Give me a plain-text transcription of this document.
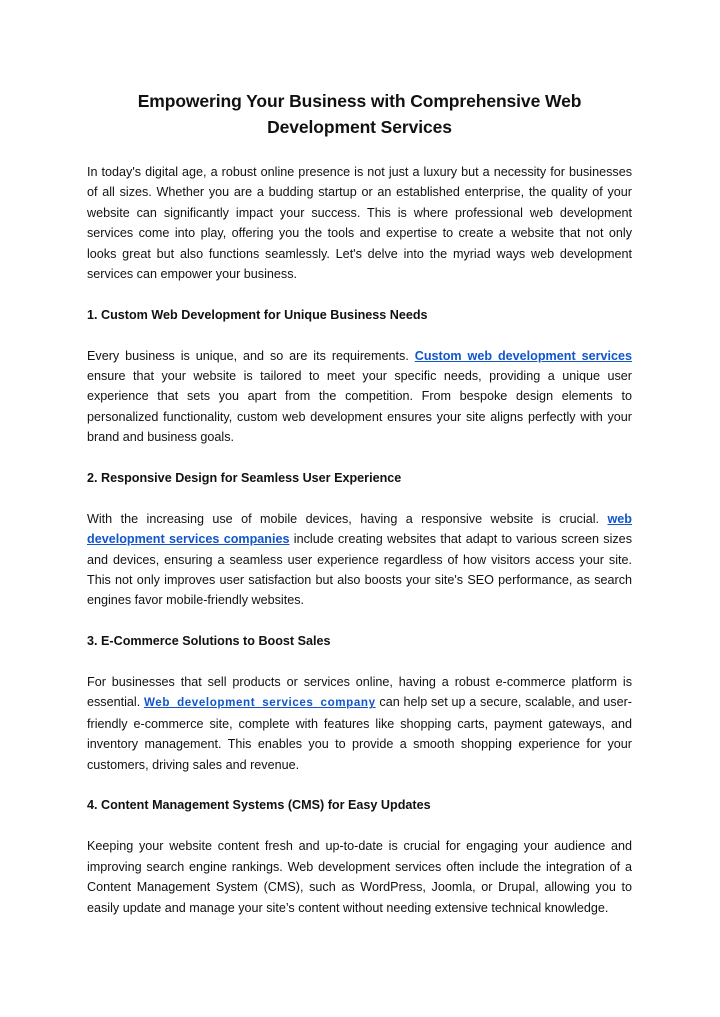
Empowering Your Business with Comprehensive Web Development Services

In today's digital age, a robust online presence is not just a luxury but a necessity for businesses of all sizes. Whether you are a budding startup or an established enterprise, the quality of your website can significantly impact your success. This is where professional web development services come into play, offering you the tools and expertise to create a website that not only looks great but also functions seamlessly. Let's delve into the myriad ways web development services can empower your business.

1. Custom Web Development for Unique Business Needs

Every business is unique, and so are its requirements. Custom web development services ensure that your website is tailored to meet your specific needs, providing a unique user experience that sets you apart from the competition. From bespoke design elements to personalized functionality, custom web development ensures your site aligns perfectly with your brand and business goals.

2. Responsive Design for Seamless User Experience

With the increasing use of mobile devices, having a responsive website is crucial. web development services companies include creating websites that adapt to various screen sizes and devices, ensuring a seamless user experience regardless of how visitors access your site. This not only improves user satisfaction but also boosts your site's SEO performance, as search engines favor mobile-friendly websites.

3. E-Commerce Solutions to Boost Sales

For businesses that sell products or services online, having a robust e-commerce platform is essential. Web development services company can help set up a secure, scalable, and user-friendly e-commerce site, complete with features like shopping carts, payment gateways, and inventory management. This enables you to provide a smooth shopping experience for your customers, driving sales and revenue.

4. Content Management Systems (CMS) for Easy Updates

Keeping your website content fresh and up-to-date is crucial for engaging your audience and improving search engine rankings. Web development services often include the integration of a Content Management System (CMS), such as WordPress, Joomla, or Drupal, allowing you to easily update and manage your site’s content without needing extensive technical knowledge.
